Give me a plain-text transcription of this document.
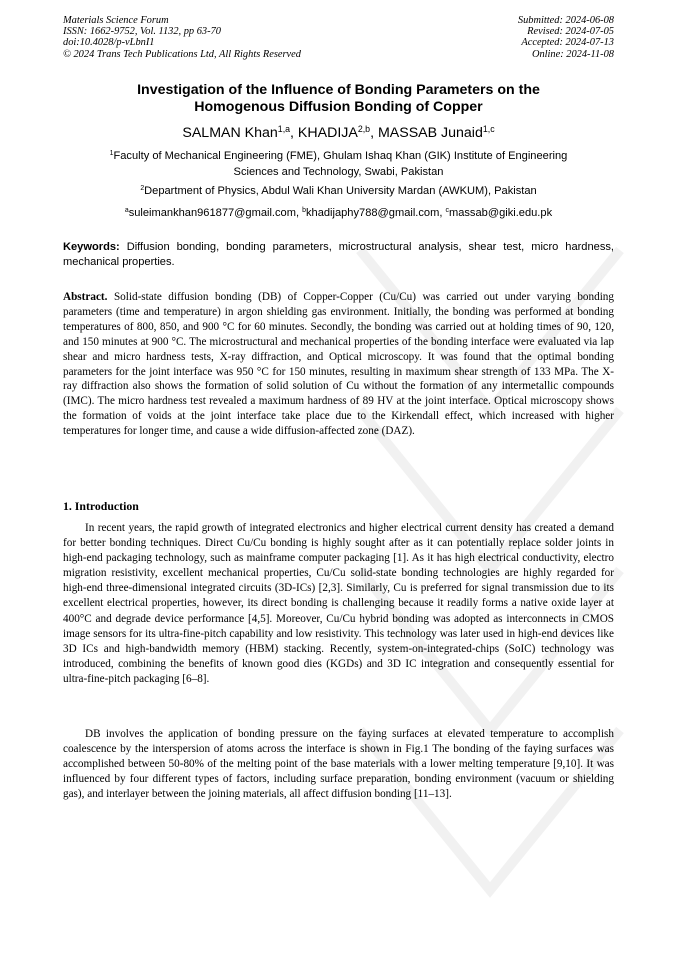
Materials Science Forum
ISSN: 1662-9752, Vol. 1132, pp 63-70
doi:10.4028/p-vLbnI1
© 2024 Trans Tech Publications Ltd, All Rights Reserved
Submitted: 2024-06-08
Revised: 2024-07-05
Accepted: 2024-07-13
Online: 2024-11-08
Investigation of the Influence of Bonding Parameters on the
Homogenous Diffusion Bonding of Copper
SALMAN Khan$^{1,a}$, KHADIJA$^{2,b}$, MASSAB Junaid$^{1,c}$
$^1$Faculty of Mechanical Engineering (FME), Ghulam Ishaq Khan (GIK) Institute of Engineering
Sciences and Technology, Swabi, Pakistan
$^2$Department of Physics, Abdul Wali Khan University Mardan (AWKUM), Pakistan
$^a$suleimankhan961877@gmail.com, $^b$khadijaphy788@gmail.com, $^c$massab@giki.edu.pk
Keywords: Diffusion bonding, bonding parameters, microstructural analysis, shear test, micro hardness, mechanical properties.
Abstract. Solid-state diffusion bonding (DB) of Copper-Copper (Cu/Cu) was carried out under varying bonding parameters (time and temperature) in argon shielding gas environment. Initially, the bonding was performed at bonding temperatures of 800, 850, and 900 °C for 60 minutes. Secondly, the bonding was carried out at holding times of 90, 120, and 150 minutes at 900 °C. The microstructural and mechanical properties of the bonding interface were evaluated via lap shear and micro hardness tests, X-ray diffraction, and Optical microscopy. It was found that the optimal bonding parameters for the joint interface was 950 °C for 150 minutes, resulting in maximum shear strength of 133 MPa. The X-ray diffraction also shows the formation of solid solution of Cu without the formation of any intermetallic compounds (IMC). The micro hardness test revealed a maximum hardness of 89 HV at the joint interface. Optical microscopy shows the formation of voids at the joint interface take place due to the Kirkendall effect, which increased with higher temperatures for longer time, and cause a wide diffusion-affected zone (DAZ).
1. Introduction
In recent years, the rapid growth of integrated electronics and higher electrical current density has created a demand for better bonding techniques. Direct Cu/Cu bonding is highly sought after as it can potentially replace solder joints in high-end packaging technology, such as mainframe computer packaging [1]. As it has high electrical conductivity, electro migration resistivity, excellent mechanical properties, Cu/Cu solid-state bonding technologies are highly regarded for high-end three-dimensional integrated circuits (3D-ICs) [2,3]. Similarly, Cu is preferred for signal transmission due to its excellent electrical properties, however, its direct bonding is challenging because it readily forms a native oxide layer at 400°C and degrade device performance [4,5]. Moreover, Cu/Cu hybrid bonding was adopted as interconnects in CMOS image sensors for its ultra-fine-pitch capability and low resistivity. This technology was later used in high-end devices like 3D ICs and high-bandwidth memory (HBM) stacking. Recently, system-on-integrated-chips (SoIC) technology was introduced, combining the benefits of known good dies (KGDs) and 3D IC integration and consequently essential for ultra-fine-pitch packaging [6–8].
DB involves the application of bonding pressure on the faying surfaces at elevated temperature to accomplish coalescence by the interspersion of atoms across the interface is shown in Fig.1 The bonding of the faying surfaces was accomplished between 50-80% of the melting point of the base materials with a lower melting temperature [9,10]. It was influenced by four different types of factors, including surface preparation, bonding environment (vacuum or shielding gas), and interlayer between the joining materials, all affect diffusion bonding [11–13].
